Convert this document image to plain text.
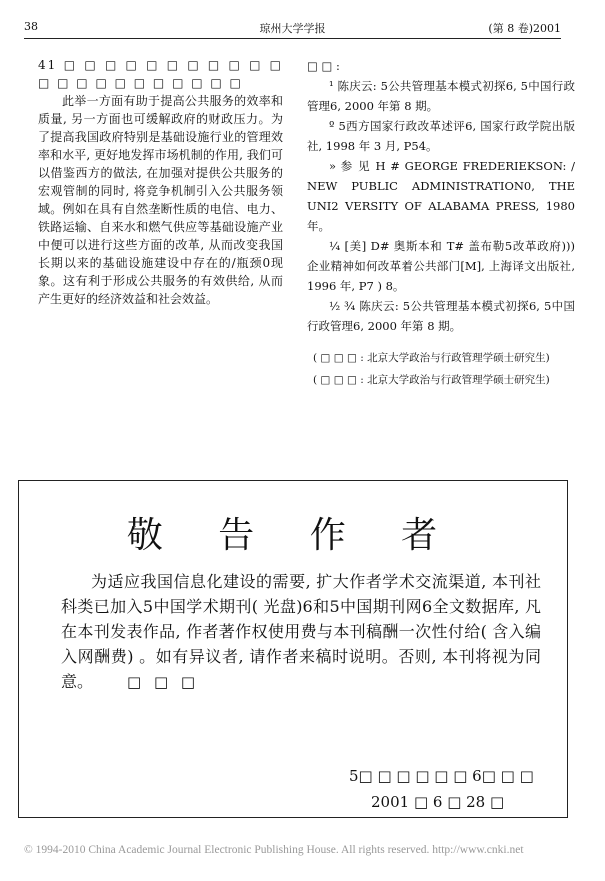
38	琼州大学学报	(第 8 卷)2001

41 □ □ □ □ □ □ □ □ □ □ □ □ □ □ □ □ □ □ □ □ □ □

此举一方面有助于提高公共服务的效率和质量, 另一方面也可缓解政府的财政压力。为了提高我国政府特别是基础设施行业的管理效率和水平, 更好地发挥市场机制的作用, 我们可以借鉴西方的做法, 在加强对提供公共服务的宏观管制的同时, 将竞争机制引入公共服务领域。例如在具有自然垄断性质的电信、电力、铁路运输、自来水和燃气供应等基础设施产业中便可以进行这些方面的改革, 从而改变我国长期以来的基础设施建设中存在的/瓶颈0现象。这有利于形成公共服务的有效供给, 从而产生更好的经济效益和社会效益。

□ □ :

¹ 陈庆云: 5公共管理基本模式初探6, 5中国行政管理6, 2000 年第 8 期。

º 5西方国家行政改革述评6, 国家行政学院出版社, 1998 年 3 月, P54。

» 参 见 H # GEORGE FREDERIEKSON: / NEW PUBLIC ADMINISTRATION0, THE UNI2 VERSITY OF ALABAMA PRESS, 1980 年。

¼ [美] D# 奥斯本和 T# 盖布勒5改革政府))) 企业精神如何改革着公共部门[M], 上海译文出版社, 1996 年, P7 ) 8。

½ ¾ 陈庆云: 5公共管理基本模式初探6, 5中国行政管理6, 2000 年第 8 期。

( □ □ □ : 北京大学政治与行政管理学硕士研究生)
( □ □ □ : 北京大学政治与行政管理学硕士研究生)
敬 告 作 者

为适应我国信息化建设的需要, 扩大作者学术交流渠道, 本刊社科类已加入5中国学术期刊( 光盘)6和5中国期刊网6全文数据库, 凡在本刊发表作品, 作者著作权使用费与本刊稿酬一次性付给( 含入编入网酬费) 。如有异议者, 请作者来稿时说明。否则, 本刊将视为同意。	□ □ □
5□ □ □ □ □ □ 6□ □ □
2001 □ 6 □ 28 □
© 1994-2010 China Academic Journal Electronic Publishing House. All rights reserved. http://www.cnki.net
